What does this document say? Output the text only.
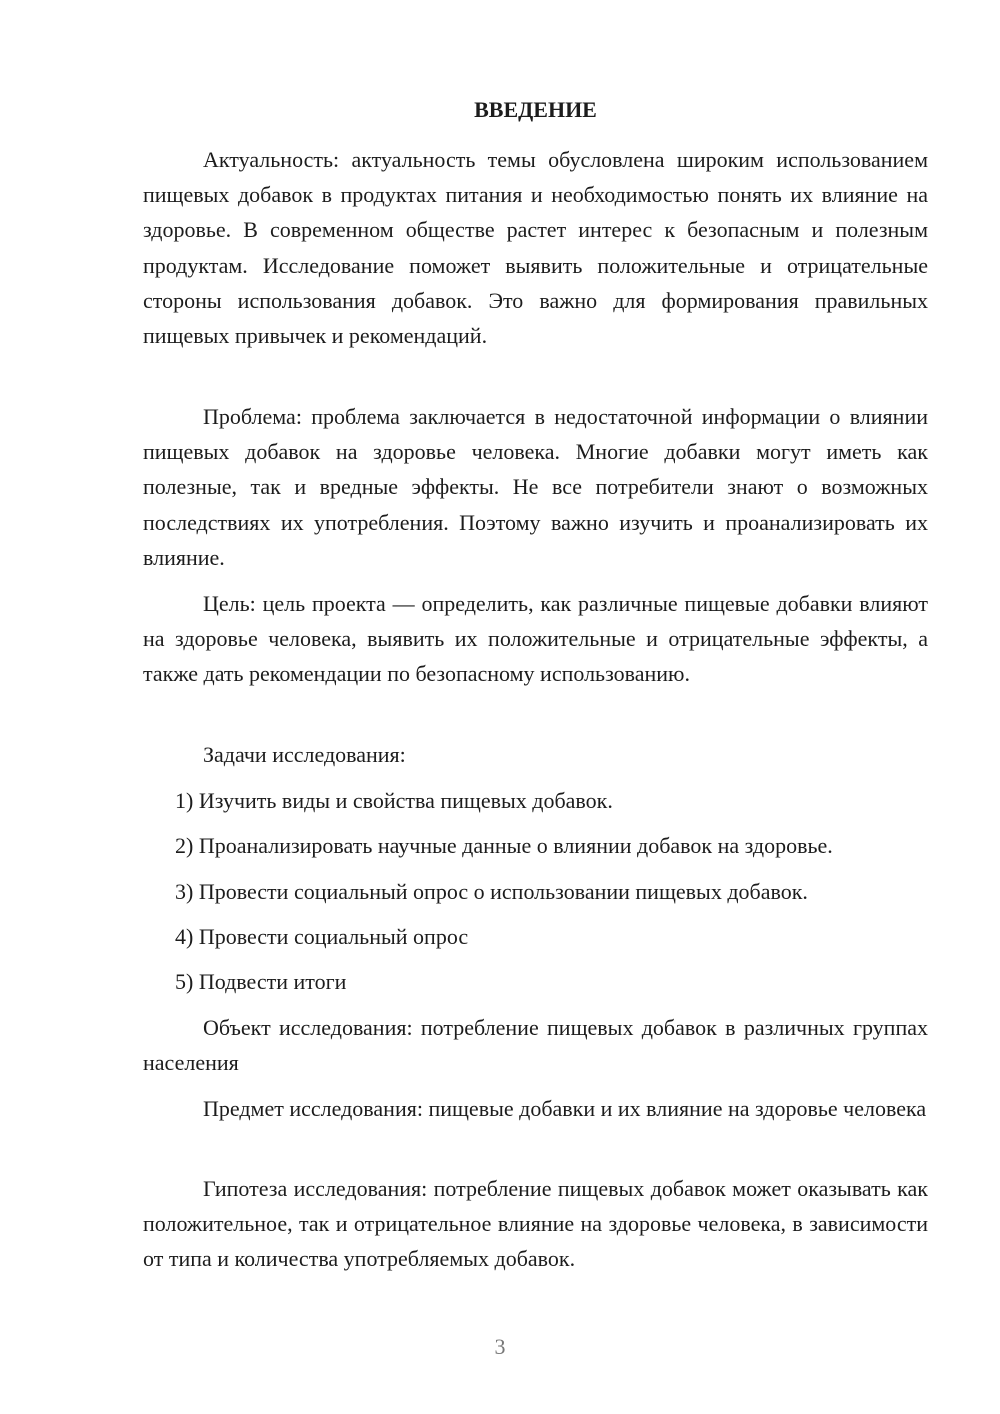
ВВЕДЕНИЕ

Актуальность: актуальность темы обусловлена широким использованием пищевых добавок в продуктах питания и необходимостью понять их влияние на здоровье. В современном обществе растет интерес к безопасным и полезным продуктам. Исследование поможет выявить положительные и отрицательные стороны использования добавок. Это важно для формирования правильных пищевых привычек и рекомендаций.

Проблема: проблема заключается в недостаточной информации о влиянии пищевых добавок на здоровье человека. Многие добавки могут иметь как полезные, так и вредные эффекты. Не все потребители знают о возможных последствиях их употребления. Поэтому важно изучить и проанализировать их влияние.

Цель: цель проекта — определить, как различные пищевые добавки влияют на здоровье человека, выявить их положительные и отрицательные эффекты, а также дать рекомендации по безопасному использованию.

Задачи исследования:

1) Изучить виды и свойства пищевых добавок.

2) Проанализировать научные данные о влиянии добавок на здоровье.

3) Провести социальный опрос о использовании пищевых добавок.

4) Провести социальный опрос

5) Подвести итоги

Объект исследования: потребление пищевых добавок в различных группах населения

Предмет исследования: пищевые добавки и их влияние на здоровье человека

Гипотеза исследования: потребление пищевых добавок может оказывать как положительное, так и отрицательное влияние на здоровье человека, в зависимости от типа и количества употребляемых добавок.

3
